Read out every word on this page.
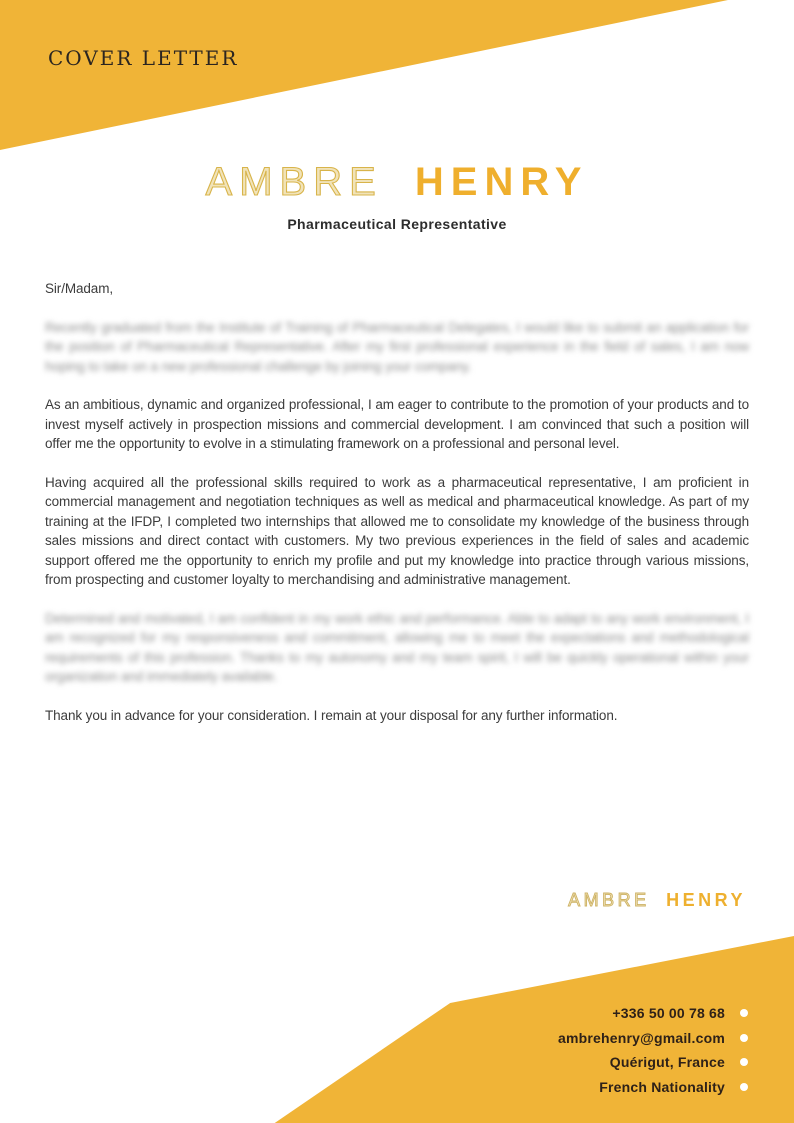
COVER LETTER
AMBRE HENRY
Pharmaceutical Representative

Sir/Madam,

Recently graduated from the Institute of Training of Pharmaceutical Delegates, I would like to submit an application for the position of Pharmaceutical Representative. After my first professional experience in the field of sales, I am now hoping to take on a new professional challenge by joining your company.

As an ambitious, dynamic and organized professional, I am eager to contribute to the promotion of your products and to invest myself actively in prospection missions and commercial development. I am convinced that such a position will offer me the opportunity to evolve in a stimulating framework on a professional and personal level.

Having acquired all the professional skills required to work as a pharmaceutical representative, I am proficient in commercial management and negotiation techniques as well as medical and pharmaceutical knowledge. As part of my training at the IFDP, I completed two internships that allowed me to consolidate my knowledge of the business through sales missions and direct contact with customers. My two previous experiences in the field of sales and academic support offered me the opportunity to enrich my profile and put my knowledge into practice through various missions, from prospecting and customer loyalty to merchandising and administrative management.

Determined and motivated, I am confident in my work ethic and performance. Able to adapt to any work environment, I am recognized for my responsiveness and commitment, allowing me to meet the expectations and methodological requirements of this profession. Thanks to my autonomy and my team spirit, I will be quickly operational within your organization and immediately available.

Thank you in advance for your consideration. I remain at your disposal for any further information.

AMBRE HENRY
+336 50 00 78 68
ambrehenry@gmail.com
Quérigut, France
French Nationality
